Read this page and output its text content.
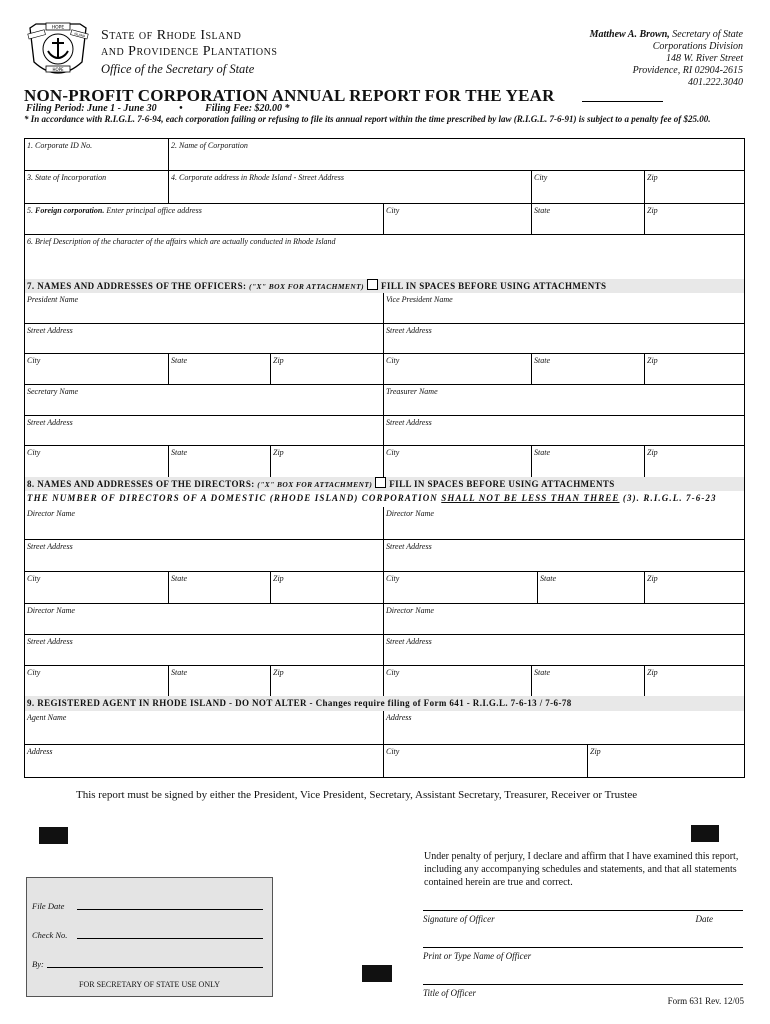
HOPE
ISLAND
HOPE
State of Rhode Island
and Providence Plantations
Office of the Secretary of State
Matthew A. Brown, Secretary of State
Corporations Division
148 W. River Street
Providence, RI 02904-2615
401.222.3040
NON-PROFIT CORPORATION ANNUAL REPORT FOR THE YEAR
Filing Period: June 1 - June 30 • Filing Fee: $20.00 *
* In accordance with R.I.G.L. 7-6-94, each corporation failing or refusing to file its annual report within the time prescribed by law (R.I.G.L. 7-6-91) is subject to a penalty fee of $25.00.
1. Corporate ID No.	2. Name of Corporation
3. State of Incorporation	4. Corporate address in Rhode Island - Street Address	City	Zip
5. Foreign corporation. Enter principal office address	City	State	Zip
6. Brief Description of the character of the affairs which are actually conducted in Rhode Island
7. NAMES AND ADDRESSES OF THE OFFICERS: ("X" BOX FOR ATTACHMENT) FILL IN SPACES BEFORE USING ATTACHMENTS
President Name	Vice President Name
Street Address	Street Address
City	State	Zip	City	State	Zip
Secretary Name	Treasurer Name
Street Address	Street Address
City	State	Zip	City	State	Zip
8. NAMES AND ADDRESSES OF THE DIRECTORS: ("X" BOX FOR ATTACHMENT) FILL IN SPACES BEFORE USING ATTACHMENTS
THE NUMBER OF DIRECTORS OF A DOMESTIC (RHODE ISLAND) CORPORATION SHALL NOT BE LESS THAN THREE (3). R.I.G.L. 7-6-23
Director Name	Director Name
Street Address	Street Address
City	State	Zip	City	State	Zip
Director Name	Director Name
Street Address	Street Address
City	State	Zip	City	State	Zip
9. REGISTERED AGENT IN RHODE ISLAND - DO NOT ALTER - Changes require filing of Form 641 - R.I.G.L. 7-6-13 / 7-6-78
Agent Name	Address
Address	City	Zip
This report must be signed by either the President, Vice President, Secretary, Assistant Secretary, Treasurer, Receiver or Trustee
Under penalty of perjury, I declare and affirm that I have examined this report, including any accompanying schedules and statements, and that all statements contained herein are true and correct.
Signature of Officer	Date
Print or Type Name of Officer
Title of Officer
File Date
Check No.
By:
FOR SECRETARY OF STATE USE ONLY
Form 631 Rev. 12/05
